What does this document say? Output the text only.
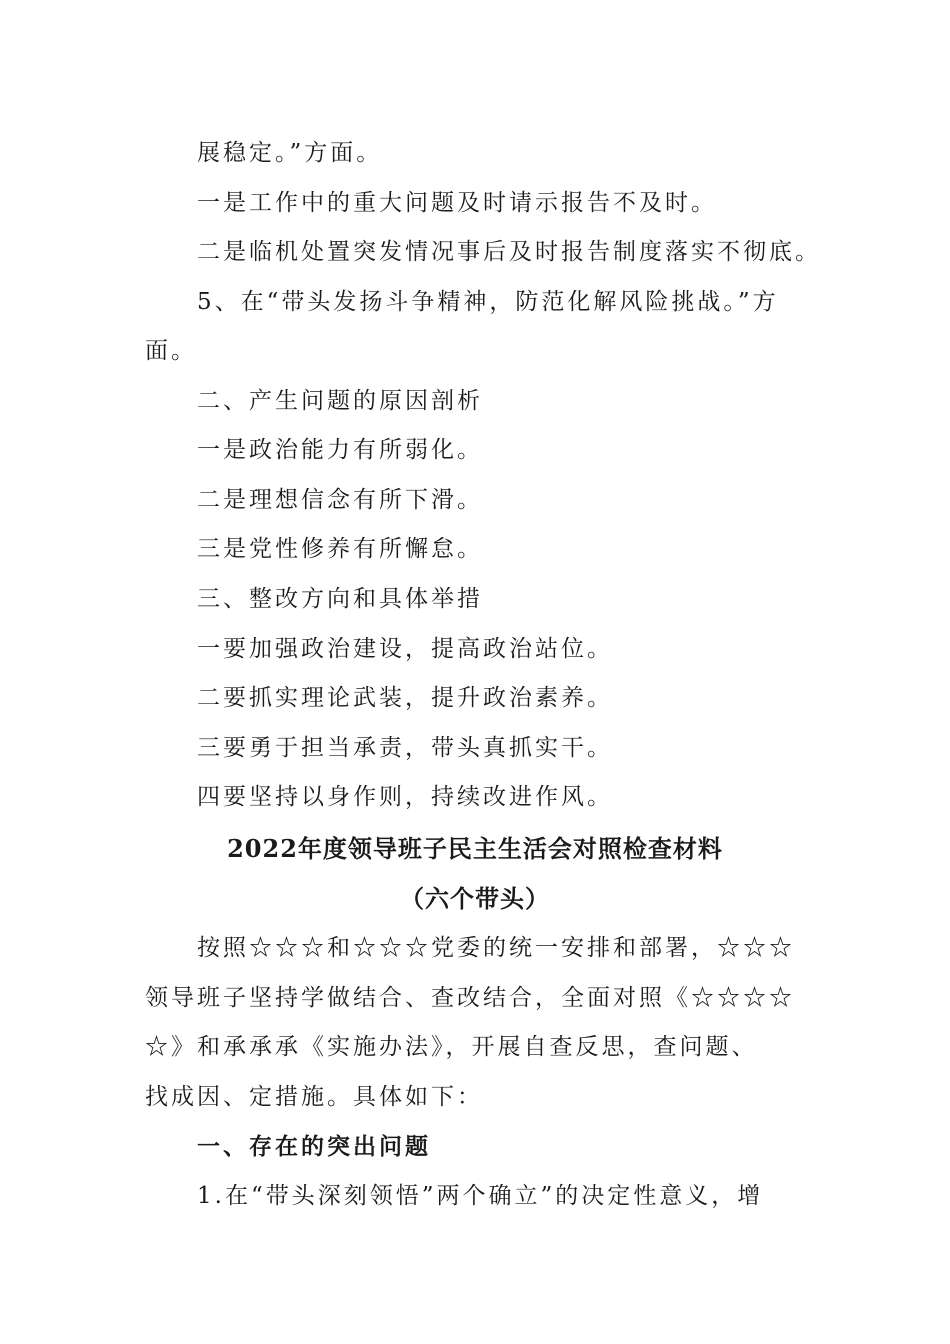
展稳定。”方面。
一是工作中的重大问题及时请示报告不及时。
二是临机处置突发情况事后及时报告制度落实不彻底。
5、在“带头发扬斗争精神，防范化解风险挑战。”方
面。
二、产生问题的原因剖析
一是政治能力有所弱化。
二是理想信念有所下滑。
三是党性修养有所懈怠。
三、整改方向和具体举措
一要加强政治建设，提高政治站位。
二要抓实理论武装，提升政治素养。
三要勇于担当承责，带头真抓实干。
四要坚持以身作则，持续改进作风。
2022年度领导班子民主生活会对照检查材料
（六个带头）
按照☆☆☆和☆☆☆党委的统一安排和部署，☆☆☆
领导班子坚持学做结合、查改结合，全面对照《☆☆☆☆
☆》和承承承《实施办法》，开展自查反思，查问题、
找成因、定措施。具体如下：
一、存在的突出问题
1.在“带头深刻领悟”两个确立”的决定性意义，增
